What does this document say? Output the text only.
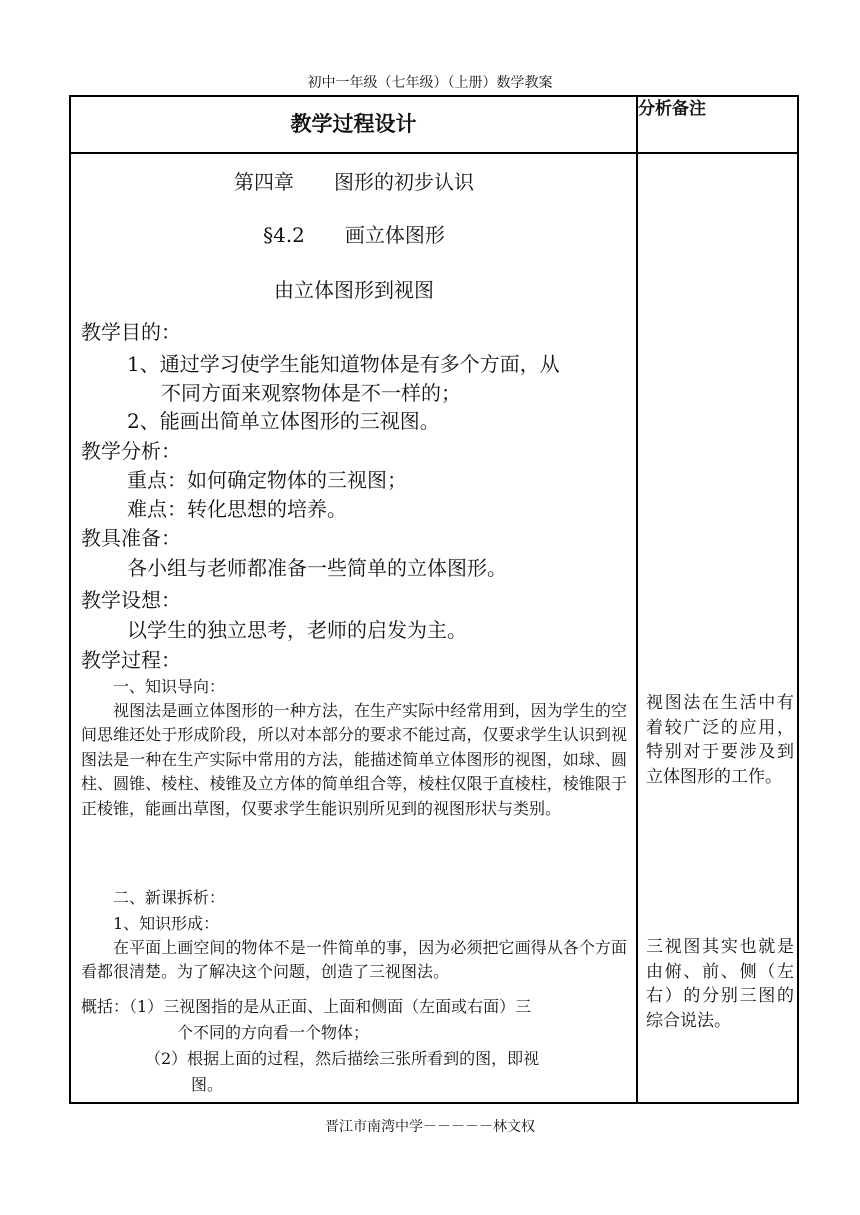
初中一年级（七年级）（上册）数学教案
教学过程设计
分析备注
第四章　　图形的初步认识
§4.2　　画立体图形
由立体图形到视图
教学目的：
1、通过学习使学生能知道物体是有多个方面，从
不同方面来观察物体是不一样的；
2、能画出简单立体图形的三视图。
教学分析：
重点：如何确定物体的三视图；
难点：转化思想的培养。
教具准备：
各小组与老师都准备一些简单的立体图形。
教学设想：
以学生的独立思考，老师的启发为主。
教学过程：
一、知识导向：
视图法是画立体图形的一种方法，在生产实际中经常用到，因为学生的空间思维还处于形成阶段，所以对本部分的要求不能过高，仅要求学生认识到视图法是一种在生产实际中常用的方法，能描述简单立体图形的视图，如球、圆柱、圆锥、棱柱、棱锥及立方体的简单组合等，棱柱仅限于直棱柱，棱锥限于正棱锥，能画出草图，仅要求学生能识别所见到的视图形状与类别。
二、新课拆析：
1、知识形成：
在平面上画空间的物体不是一件简单的事，因为必须把它画得从各个方面看都很清楚。为了解决这个问题，创造了三视图法。
概括：（1）三视图指的是从正面、上面和侧面（左面或右面）三
个不同的方向看一个物体；
（2）根据上面的过程，然后描绘三张所看到的图，即视
图。
视图法在生活中有着较广泛的应用，特别对于要涉及到立体图形的工作。
三视图其实也就是由俯、前、侧（左右）的分别三图的综合说法。
晋江市南湾中学－－－－－林文权
